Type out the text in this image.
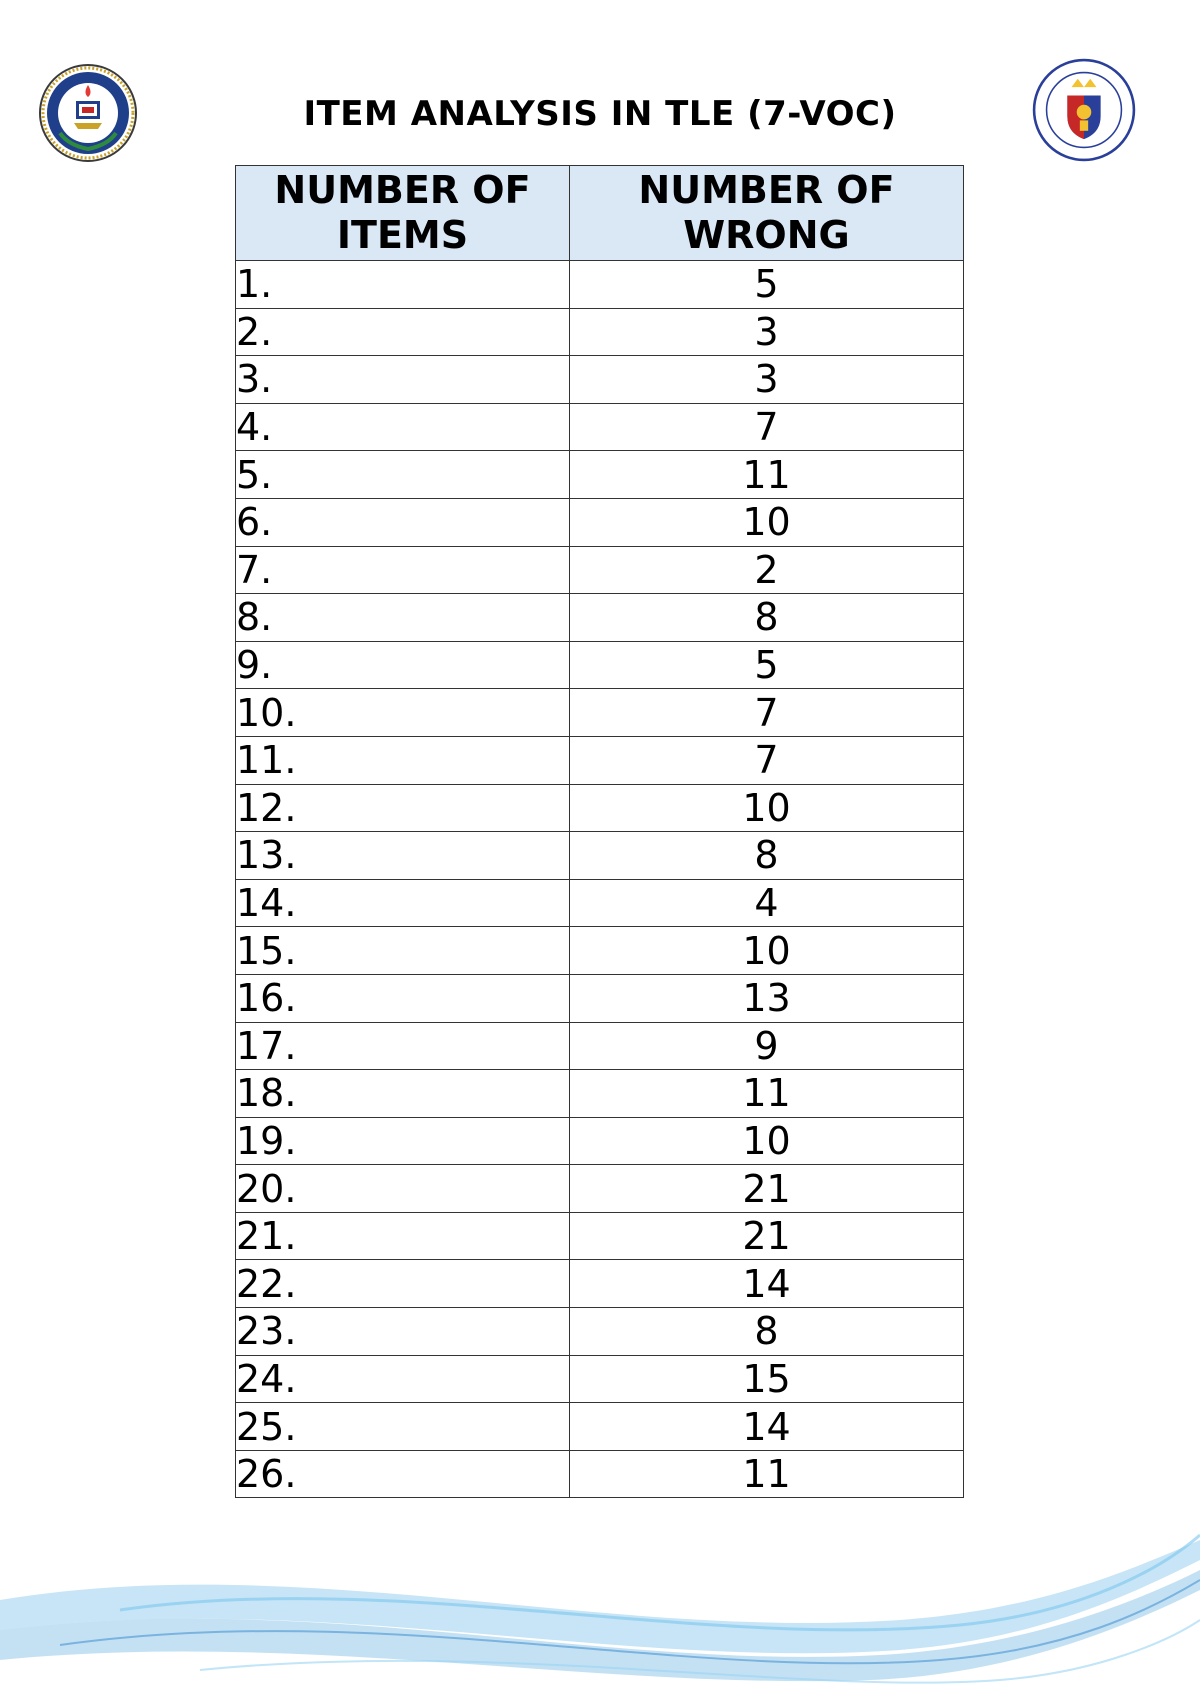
ITEM ANALYSIS IN TLE (7-VOC)
NUMBER OF ITEMS	NUMBER OF WRONG
1.	5
2.	3
3.	3
4.	7
5.	11
6.	10
7.	2
8.	8
9.	5
10.	7
11.	7
12.	10
13.	8
14.	4
15.	10
16.	13
17.	9
18.	11
19.	10
20.	21
21.	21
22.	14
23.	8
24.	15
25.	14
26.	11
